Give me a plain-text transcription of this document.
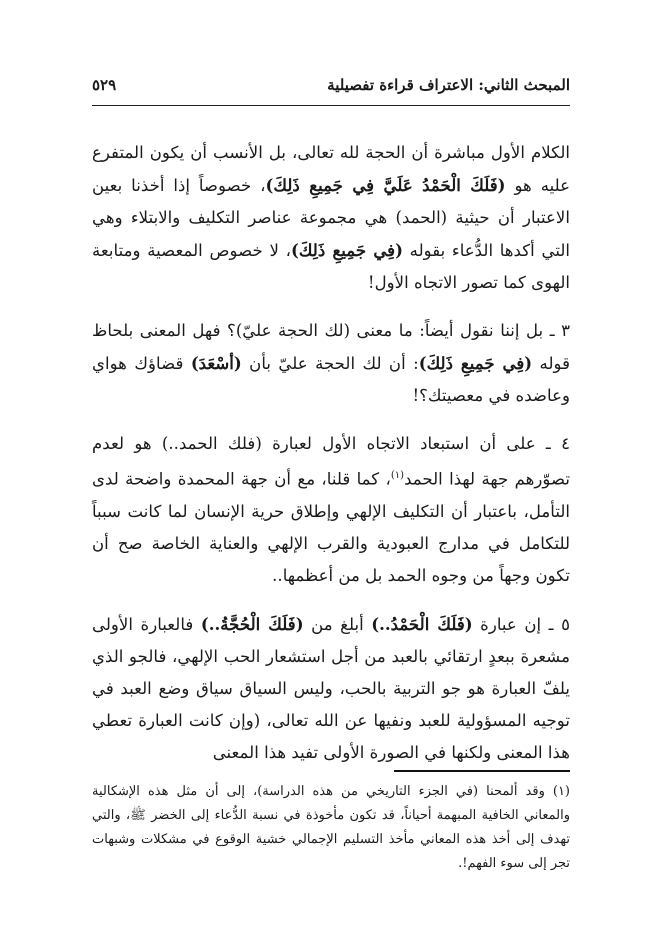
المبحث الثاني: الاعتراف قراءة تفصيلية
٥٢٩

الكلام الأول مباشرة أن الحجة لله تعالى، بل الأنسب أن يكون المتفرع عليه هو (فَلَكَ الْحَمْدُ عَلَيَّ فِي جَمِيعِ ذَلِكَ)، خصوصاً إذا أخذنا بعين الاعتبار أن حيثية (الحمد) هي مجموعة عناصر التكليف والابتلاء وهي التي أكدها الدُّعاء بقوله (فِي جَمِيعِ ذَلِكَ)، لا خصوص المعصية ومتابعة الهوى كما تصور الاتجاه الأول!

٣ ـ بل إننا نقول أيضاً: ما معنى (لك الحجة عليّ)؟ فهل المعنى بلحاظ قوله (فِي جَمِيعِ ذَلِكَ): أن لك الحجة عليّ بأن (أسْعَدَ) قضاؤك هواي وعاضده في معصيتك؟!

٤ ـ على أن استبعاد الاتجاه الأول لعبارة (فلك الحمد..) هو لعدم تصوّرهم جهة لهذا الحمد$^{(١)}$، كما قلنا، مع أن جهة المحمدة واضحة لدى التأمل، باعتبار أن التكليف الإلهي وإطلاق حرية الإنسان لما كانت سبباً للتكامل في مدارج العبودية والقرب الإلهي والعناية الخاصة صح أن تكون وجهاً من وجوه الحمد بل من أعظمها..

٥ ـ إن عبارة (فَلَكَ الْحَمْدُ..) أبلغ من (فَلَكَ الْحُجَّةُ..) فالعبارة الأولى مشعرة ببعدٍ ارتقائي بالعبد من أجل استشعار الحب الإلهي، فالجو الذي يلفّ العبارة هو جو التربية بالحب، وليس السياق سياق وضع العبد في توجيه المسؤولية للعبد ونفيها عن الله تعالى، (وإن كانت العبارة تعطي هذا المعنى ولكنها في الصورة الأولى تفيد هذا المعنى

(١)وقد ألمحنا (في الجزء التاريخي من هذه الدراسة)، إلى أن مثل هذه الإشكالية والمعاني الخافية المبهمة أحياناً، قد تكون مأخوذة في نسبة الدُّعاء إلى الخضر ﷺ، والتي تهدف إلى أخذ هذه المعاني مأخذ التسليم الإجمالي خشية الوقوع في مشكلات وشبهات تجر إلى سوء الفهم!.
